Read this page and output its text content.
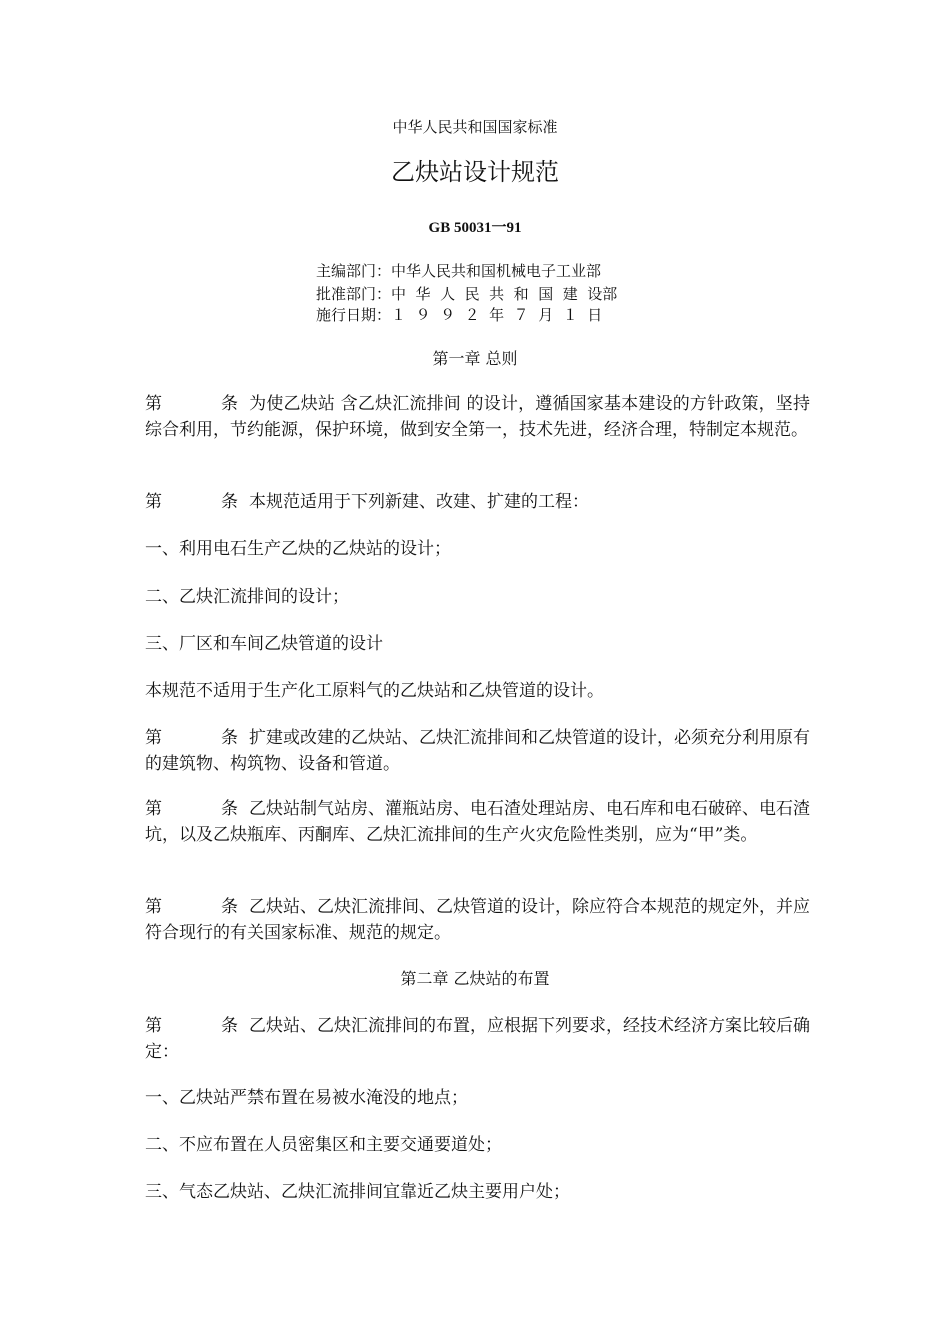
中华人民共和国国家标准
乙炔站设计规范
GB 50031一91
主编部门：中华人民共和国机械电子工业部
批准部门：中  华  人  民  共  和  国  建  设部
施行日期：１  ９  ９  ２  年  ７  月  １  日
第一章 总则
第	条 为使乙炔站 含乙炔汇流排间 的设计，遵循国家基本建设的方针政策，坚持综合利用，节约能源，保护环境，做到安全第一，技术先进，经济合理，特制定本规范。
第	条 本规范适用于下列新建、改建、扩建的工程：
一、利用电石生产乙炔的乙炔站的设计；
二、乙炔汇流排间的设计；
三、厂区和车间乙炔管道的设计
本规范不适用于生产化工原料气的乙炔站和乙炔管道的设计。
第	条 扩建或改建的乙炔站、乙炔汇流排间和乙炔管道的设计，必须充分利用原有的建筑物、构筑物、设备和管道。
第	条 乙炔站制气站房、灌瓶站房、电石渣处理站房、电石库和电石破碎、电石渣坑，以及乙炔瓶库、丙酮库、乙炔汇流排间的生产火灾危险性类别，应为“甲”类。
第	条 乙炔站、乙炔汇流排间、乙炔管道的设计，除应符合本规范的规定外，并应符合现行的有关国家标准、规范的规定。
第二章 乙炔站的布置
第	条 乙炔站、乙炔汇流排间的布置，应根据下列要求，经技术经济方案比较后确定：
一、乙炔站严禁布置在易被水淹没的地点；
二、不应布置在人员密集区和主要交通要道处；
三、气态乙炔站、乙炔汇流排间宜靠近乙炔主要用户处；
